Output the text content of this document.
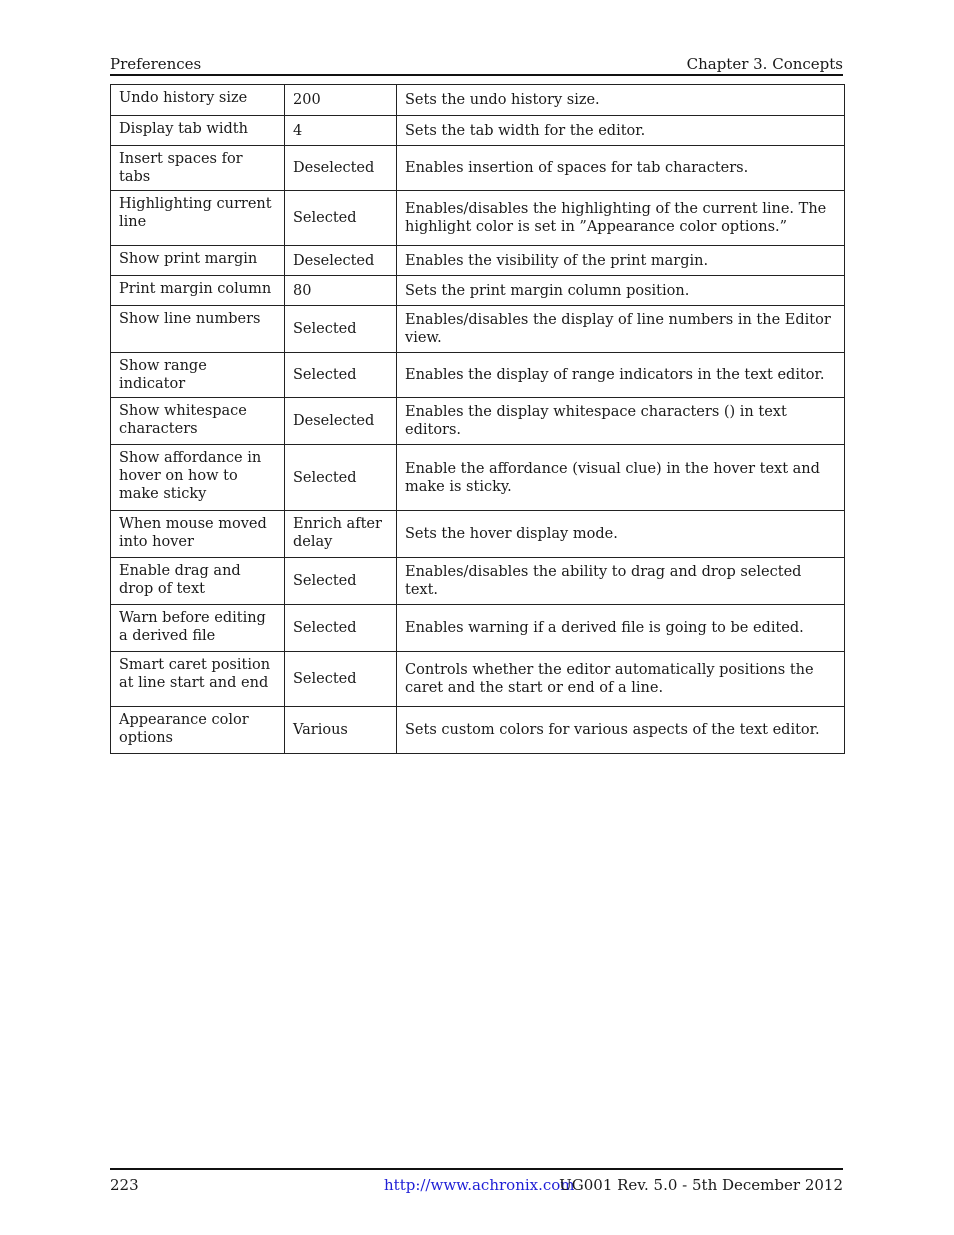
Preferences	Chapter 3. Concepts
Undo history size	200	Sets the undo history size.
Display tab width	4	Sets the tab width for the editor.
Insert spaces for tabs	Deselected	Enables insertion of spaces for tab characters.
Highlighting current line	Selected	Enables/disables the highlighting of the current line. The highlight color is set in ”Appearance color options.”
Show print margin	Deselected	Enables the visibility of the print margin.
Print margin column	80	Sets the print margin column position.
Show line numbers	Selected	Enables/disables the display of line numbers in the Editor view.
Show range indicator	Selected	Enables the display of range indicators in the text editor.
Show whitespace characters	Deselected	Enables the display whitespace characters () in text editors.
Show affordance in hover on how to make sticky	Selected	Enable the affordance (visual clue) in the hover text and make is sticky.
When mouse moved into hover	Enrich after delay	Sets the hover display mode.
Enable drag and drop of text	Selected	Enables/disables the ability to drag and drop selected text.
Warn before editing a derived file	Selected	Enables warning if a derived file is going to be edited.
Smart caret position at line start and end	Selected	Controls whether the editor automatically positions the caret and the start or end of a line.
Appearance color options	Various	Sets custom colors for various aspects of the text editor.
223	http://www.achronix.com
UG001 Rev. 5.0 - 5th December 2012
